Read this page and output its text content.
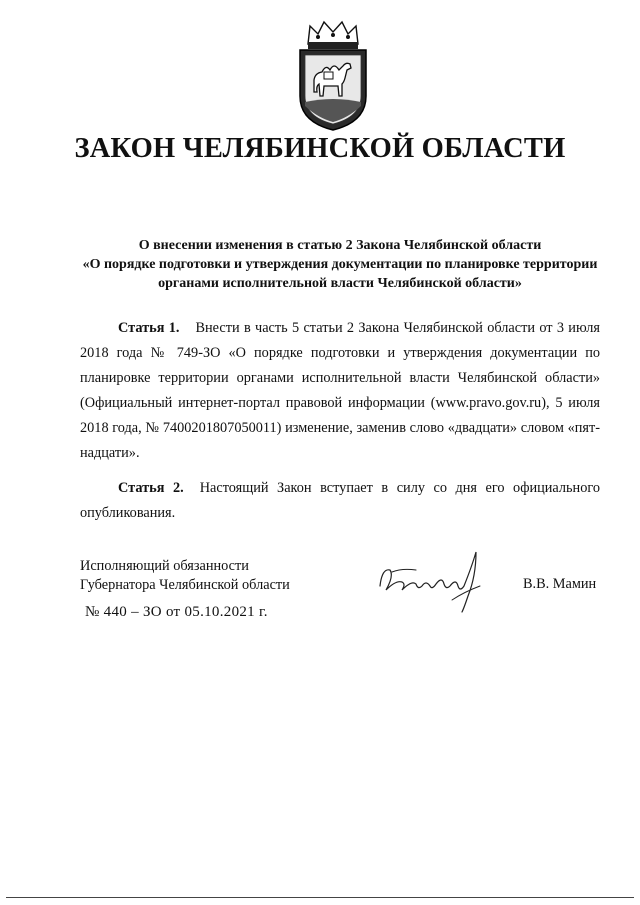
ЗАКОН ЧЕЛЯБИНСКОЙ ОБЛАСТИ
О внесении изменения в статью 2 Закона Челябинской области
«О порядке подготовки и утверждения документации по планировке территории
органами исполнительной власти Челябинской области»
Статья 1. Внести в часть 5 статьи 2 Закона Челябинской области от 3 июля 2018 года № 749-ЗО «О порядке подготовки и утверждения документации по планировке территории органами исполнительной власти Челябинской области» (Официальный интернет-портал правовой информации (www.pravo.gov.ru), 5 июля 2018 года, № 7400201807050011) изменение, заменив слово «двадцати» словом «пят-надцати».
Статья 2. Настоящий Закон вступает в силу со дня его официального опубликования.
Исполняющий обязанности
Губернатора Челябинской области	В.В. Мамин
№ 440 – ЗО от 05.10.2021 г.
